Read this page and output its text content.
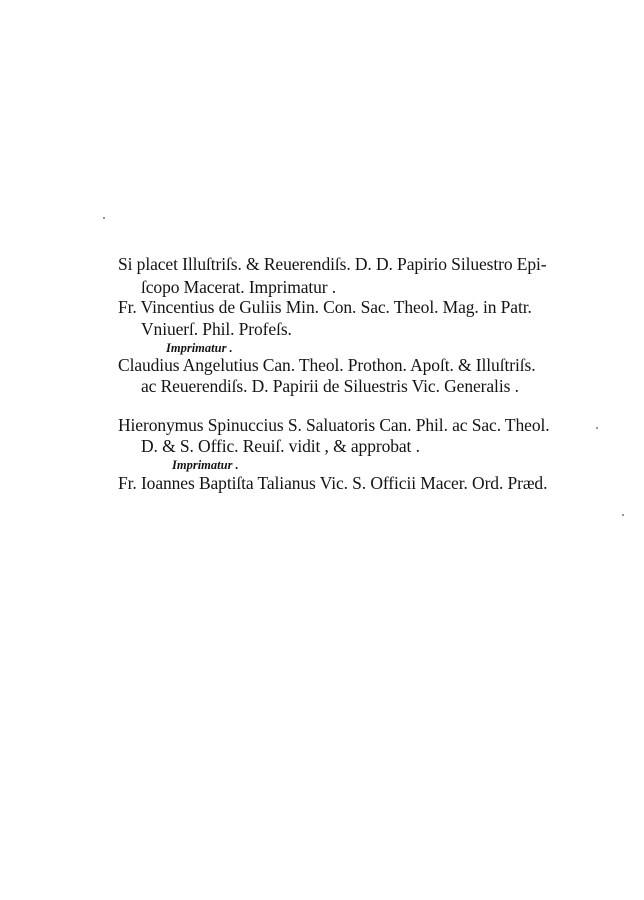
Si placet Illuſtriſs. & Reuerendiſs. D. D. Papirio Siluestro Epi-
ſcopo Macerat. Imprimatur .
Fr. Vincentius de Guliis Min. Con. Sac. Theol. Mag. in Patr.
Vniuerſ. Phil. Profeſs.
Imprimatur .
Claudius Angelutius Can. Theol. Prothon. Apoſt. & Illuſtriſs.
ac Reuerendiſs. D. Papirii de Siluestris Vic. Generalis .
Hieronymus Spinuccius S. Saluatoris Can. Phil. ac Sac. Theol.
D. & S. Offic. Reuiſ. vidit , & approbat .
Imprimatur .
Fr. Ioannes Baptiſta Talianus Vic. S. Officii Macer. Ord. Præd.
